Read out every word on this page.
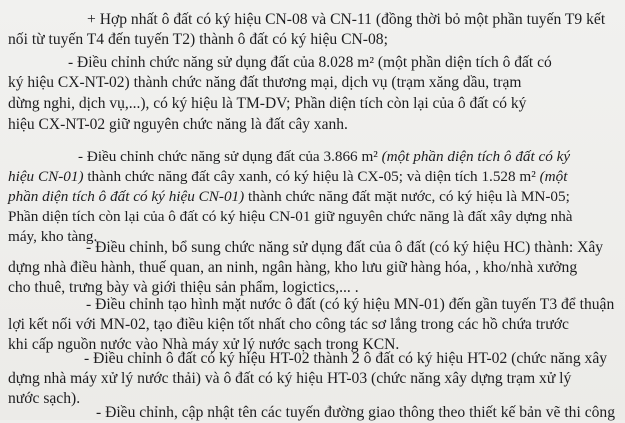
+ Hợp nhất ô đất có ký hiệu CN-08 và CN-11 (đồng thời bỏ một phần tuyến T9 kết
nối từ tuyến T4 đến tuyến T2) thành ô đất có ký hiệu CN-08;
- Điều chỉnh chức năng sử dụng đất của 8.028 m² (một phần diện tích ô đất có
ký hiệu CX-NT-02) thành chức năng đất thương mại, dịch vụ (trạm xăng dầu, trạm
dừng nghi, dịch vụ,...), có ký hiệu là TM-DV; Phần diện tích còn lại của ô đất có ký
hiệu CX-NT-02 giữ nguyên chức năng là đất cây xanh.
- Điều chỉnh chức năng sử dụng đất của 3.866 m² (một phần diện tích ô đất có ký
hiệu CN-01) thành chức năng đất cây xanh, có ký hiệu là CX-05; và diện tích 1.528 m² (một
phần diện tích ô đất có ký hiệu CN-01) thành chức năng đất mặt nước, có ký hiệu là MN-05;
Phần diện tích còn lại của ô đất có ký hiệu CN-01 giữ nguyên chức năng là đất xây dựng nhà
máy, kho tàng.
- Điều chỉnh, bổ sung chức năng sử dụng đất của ô đất (có ký hiệu HC) thành: Xây
dựng nhà điều hành, thuế quan, an ninh, ngân hàng, kho lưu giữ hàng hóa, , kho/nhà xưởng
cho thuê, trưng bày và giới thiệu sản phẩm, logictics,... .
- Điều chỉnh tạo hình mặt nước ô đất (có ký hiệu MN-01) đến gần tuyến T3 để thuận
lợi kết nối với MN-02, tạo điều kiện tốt nhất cho công tác sơ lắng trong các hồ chứa trước
khi cấp nguồn nước vào Nhà máy xử lý nước sạch trong KCN.
- Điều chỉnh ô đất có ký hiệu HT-02 thành 2 ô đất có ký hiệu HT-02 (chức năng xây
dựng nhà máy xử lý nước thải) và ô đất có ký hiệu HT-03 (chức năng xây dựng trạm xử lý
nước sạch).
- Điều chỉnh, cập nhật tên các tuyến đường giao thông theo thiết kế bản vẽ thi công
